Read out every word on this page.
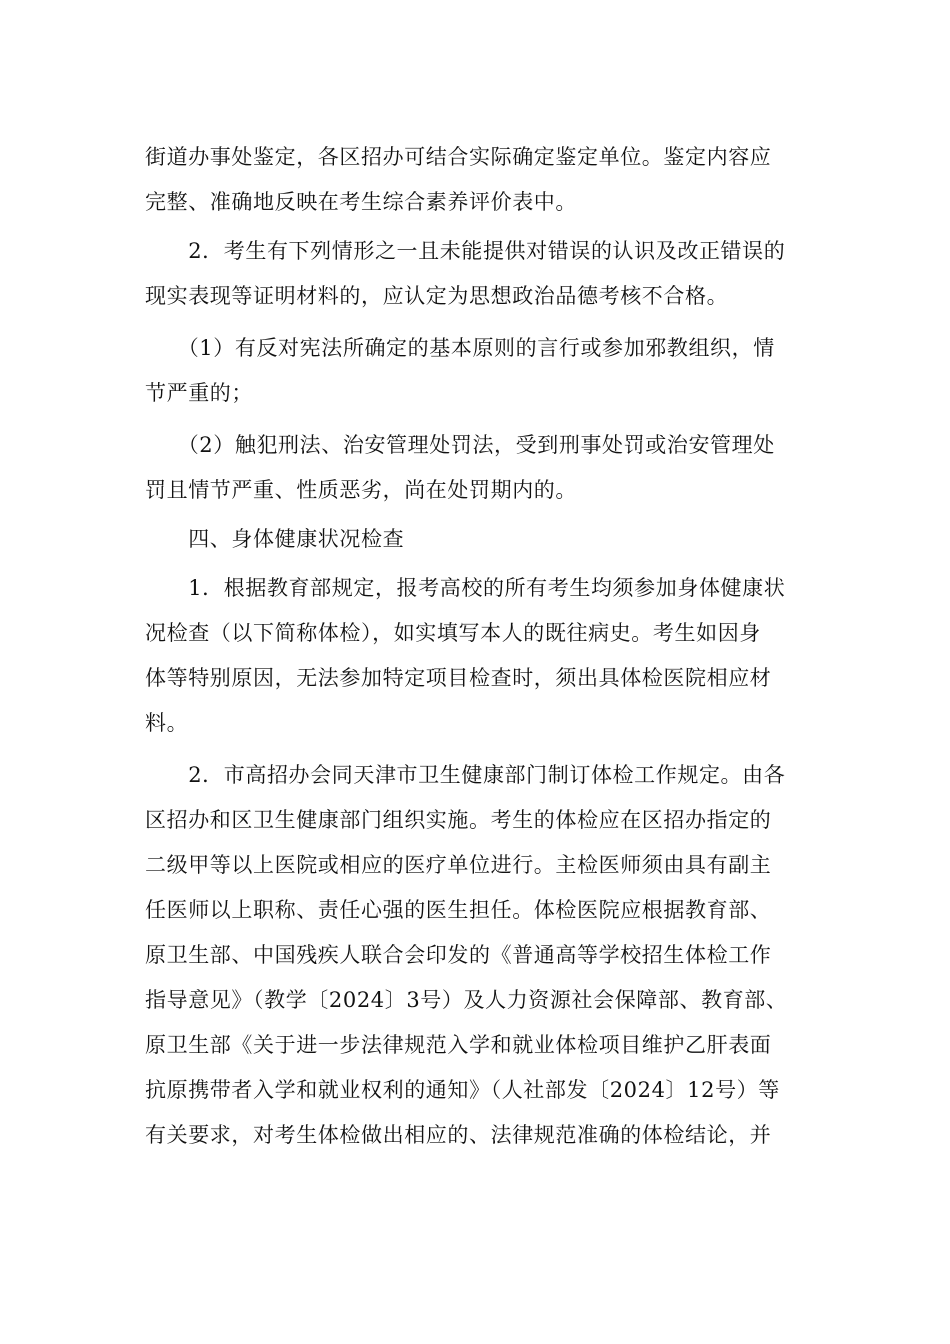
街道办事处鉴定，各区招办可结合实际确定鉴定单位。鉴定内容应
完整、准确地反映在考生综合素养评价表中。
　　2．考生有下列情形之一且未能提供对错误的认识及改正错误的
现实表现等证明材料的，应认定为思想政治品德考核不合格。
　　（1）有反对宪法所确定的基本原则的言行或参加邪教组织，情
节严重的；
　　（2）触犯刑法、治安管理处罚法，受到刑事处罚或治安管理处
罚且情节严重、性质恶劣，尚在处罚期内的。
　　四、身体健康状况检查
　　1．根据教育部规定，报考高校的所有考生均须参加身体健康状
况检查（以下简称体检），如实填写本人的既往病史。考生如因身
体等特别原因，无法参加特定项目检查时，须出具体检医院相应材
料。
　　2．市高招办会同天津市卫生健康部门制订体检工作规定。由各
区招办和区卫生健康部门组织实施。考生的体检应在区招办指定的
二级甲等以上医院或相应的医疗单位进行。主检医师须由具有副主
任医师以上职称、责任心强的医生担任。体检医院应根据教育部、
原卫生部、中国残疾人联合会印发的《普通高等学校招生体检工作
指导意见》（教学〔2024〕3号）及人力资源社会保障部、教育部、
原卫生部《关于进一步法律规范入学和就业体检项目维护乙肝表面
抗原携带者入学和就业权利的通知》（人社部发〔2024〕12号）等
有关要求，对考生体检做出相应的、法律规范准确的体检结论，并
